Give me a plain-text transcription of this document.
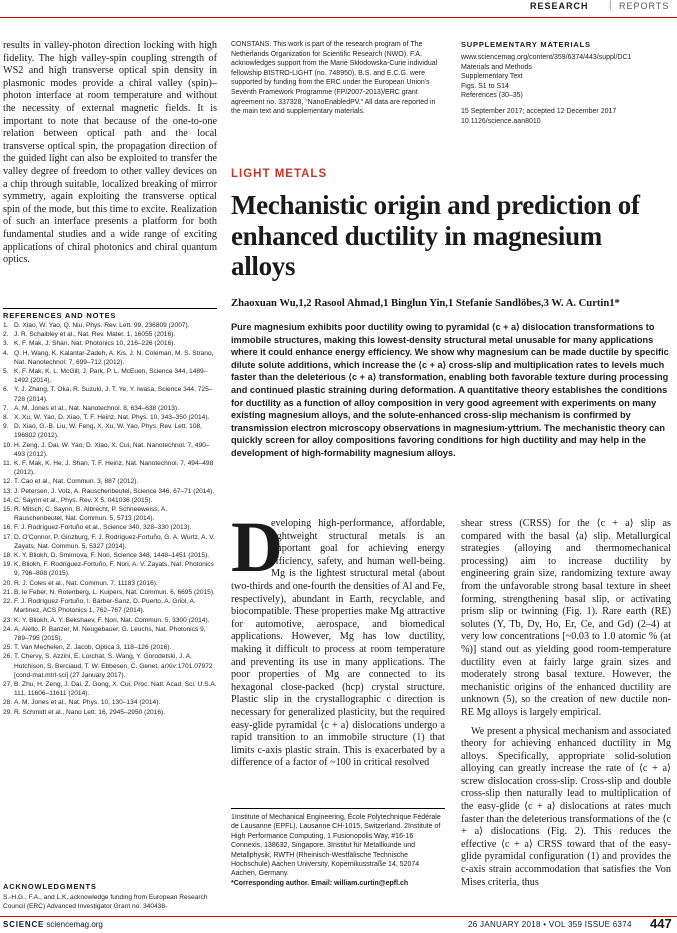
RESEARCH | REPORTS

results in valley-photon direction locking with high fidelity. The high valley-spin coupling strength of WS2 and high transverse optical spin density in plasmonic modes provide a chiral valley (spin)–photon interface at room temperature and without the necessity of external magnetic fields. It is important to note that because of the one-to-one relation between optical path and the local transverse optical spin, the propagation direction of the guided light can also be exploited to transfer the valley degree of freedom to other valley devices on a chip through suitable, localized breaking of mirror symmetry, again exploiting the transverse optical spin of the mode, but this time to excite. Realization of such an interface presents a platform for both fundamental studies and a wide range of exciting applications of chiral photonics and chiral quantum optics.

REFERENCES AND NOTES
1. D. Xiao, W. Yao, Q. Niu, Phys. Rev. Lett. 99, 236809 (2007).
2. J. R. Schaibley et al., Nat. Rev. Mater. 1, 16055 (2016).
3. K. F. Mak, J. Shan, Nat. Photonics 10, 216–226 (2016).
4. Q. H. Wang, K. Kalantar-Zadeh, A. Kis, J. N. Coleman, M. S. Strano, Nat. Nanotechnol. 7, 699–712 (2012).
5. K. F. Mak, K. L. McGill, J. Park, P. L. McEuen, Science 344, 1489–1492 (2014).
6. Y. J. Zhang, T. Oka, R. Suzuki, J. T. Ye, Y. Iwasa, Science 344, 725–728 (2014).
7. A. M. Jones et al., Nat. Nanotechnol. 8, 634–638 (2013).
8. X. Xu, W. Yao, D. Xiao, T. F. Heinz, Nat. Phys. 10, 343–350 (2014).
9. D. Xiao, G.-B. Liu, W. Feng, X. Xu, W. Yao, Phys. Rev. Lett. 108, 196802 (2012).
10. H. Zeng, J. Dai, W. Yao, D. Xiao, X. Cui, Nat. Nanotechnol. 7, 490–493 (2012).
11. K. F. Mak, K. He, J. Shan, T. F. Heinz, Nat. Nanotechnol. 7, 494–498 (2012).
12. T. Cao et al., Nat. Commun. 3, 887 (2012).
13. J. Petersen, J. Volz, A. Rauschenbeutel, Science 346, 67–71 (2014).
14. C. Sayrin et al., Phys. Rev. X 5, 041036 (2015).
15. R. Mitsch, C. Sayrin, B. Albrecht, P. Schneeweiss, A. Rauschenbeutel, Nat. Commun. 5, 5713 (2014).
16. F. J. Rodríguez-Fortuño et al., Science 340, 328–330 (2013).
17. D. O'Connor, P. Ginzburg, F. J. Rodríguez-Fortuño, G. A. Wurtz, A. V. Zayats, Nat. Commun. 5, 5327 (2014).
18. K. Y. Bliokh, D. Smirnova, F. Nori, Science 348, 1448–1451 (2015).
19. K. Bliokh, F. Rodríguez-Fortuño, F. Nori, A. V. Zayats, Nat. Photonics 9, 796–808 (2015).
20. R. J. Coles et al., Nat. Commun. 7, 11183 (2016).
21. B. le Feber, N. Rotenberg, L. Kuipers, Nat. Commun. 6, 6695 (2015).
22. F. J. Rodríguez-Fortuño, I. Barber-Sanz, D. Puerto, A. Griol, A. Martinez, ACS Photonics 1, 762–767 (2014).
23. K. Y. Bliokh, A. Y. Bekshaev, F. Nori, Nat. Commun. 5, 3300 (2014).
24. A. Aiello, P. Banzer, M. Neugebauer, G. Leuchs, Nat. Photonics 9, 789–795 (2015).
25. T. Van Mechelen, Z. Jacob, Optica 3, 118–126 (2016).
26. T. Chervy, S. Azzini, E. Lorchat, S. Wang, Y. Gorodetski, J. A. Hutchison, S. Berciaud, T. W. Ebbesen, C. Genet, arXiv:1701.07972 [cond-mat.mtrl-sci] (27 January 2017).
27. B. Zhu, H. Zeng, J. Dai, Z. Gong, X. Cui, Proc. Natl. Acad. Sci. U.S.A. 111, 11606–11611 (2014).
28. A. M. Jones et al., Nat. Phys. 10, 130–134 (2014).
29. R. Schmidt et al., Nano Lett. 16, 2945–2950 (2016).
ACKNOWLEDGMENTS
S.-H.G., F.A., and L.K. acknowledge funding from European Research Council (ERC) Advanced Investigator Grant no. 340438-
CONSTANS. This work is part of the research program of The Netherlands Organization for Scientific Research (NWO). F.A. acknowledges support from the Marie Skłodowska-Curie individual fellowship BISTRO-LIGHT (no. 748950). B.S. and E.C.G. were supported by funding from the ERC under the European Union's Seventh Framework Programme (FP/2007-2013)/ERC grant agreement no. 337328, “NanoEnabledPV.” All data are reported in the main text and supplementary materials.
SUPPLEMENTARY MATERIALS
www.sciencemag.org/content/359/6374/443/suppl/DC1
Materials and Methods
Supplementary Text
Figs. S1 to S14
References (30–35)
15 September 2017; accepted 12 December 2017
10.1126/science.aan8010
LIGHT METALS
Mechanistic origin and prediction of enhanced ductility in magnesium alloys
Zhaoxuan Wu,1,2 Rasool Ahmad,1 Binglun Yin,1 Stefanie Sandlöbes,3 W. A. Curtin1*
Pure magnesium exhibits poor ductility owing to pyramidal ⟨c + a⟩ dislocation transformations to immobile structures, making this lowest-density structural metal unusable for many applications where it could enhance energy efficiency. We show why magnesium can be made ductile by specific dilute solute additions, which increase the ⟨c + a⟩ cross-slip and multiplication rates to levels much faster than the deleterious ⟨c + a⟩ transformation, enabling both favorable texture during processing and continued plastic straining during deformation. A quantitative theory establishes the conditions for ductility as a function of alloy composition in very good agreement with experiments on many existing magnesium alloys, and the solute-enhanced cross-slip mechanism is confirmed by transmission electron microscopy observations in magnesium-yttrium. The mechanistic theory can quickly screen for alloy compositions favoring conditions for high ductility and may help in the development of high-formability magnesium alloys.

D
eveloping high-performance, affordable, lightweight structural metals is an important goal for achieving energy efficiency, safety, and human well-being. Mg is the lightest structural metal (about two-thirds and one-fourth the densities of Al and Fe, respectively), abundant in Earth, recyclable, and biocompatible. These properties make Mg attractive for automotive, aerospace, and biomedical applications. However, Mg has low ductility, making it difficult to process at room temperature and preventing its use in many applications. The poor properties of Mg are connected to its hexagonal close-packed (hcp) crystal structure. Plastic slip in the crystallographic c direction is necessary for generalized plasticity, but the required easy-glide pyramidal ⟨c + a⟩ dislocations undergo a rapid transition to an immobile structure (1) that limits c-axis plastic strain. This is exacerbated by a difference of a factor of ~100 in critical resolved

shear stress (CRSS) for the ⟨c + a⟩ slip as compared with the basal ⟨a⟩ slip. Metallurgical strategies (alloying and thermomechanical processing) aim to increase ductility by engineering grain size, randomizing texture away from the unfavorable strong basal texture in sheet forming, strengthening basal slip, or activating prism slip or twinning (Fig. 1). Rare earth (RE) solutes (Y, Tb, Dy, Ho, Er, Ce, and Gd) (2–4) at very low concentrations [~0.03 to 1.0 atomic % (at %)] stand out as yielding good room-temperature ductility even at fairly large grain sizes and moderately strong basal texture. However, the mechanistic origins of the enhanced ductility are unknown (5), so the creation of new ductile non-RE Mg alloys is largely empirical.

We present a physical mechanism and associated theory for achieving enhanced ductility in Mg alloys. Specifically, appropriate solid-solution alloying can greatly increase the rate of ⟨c + a⟩ screw dislocation cross-slip. Cross-slip and double cross-slip then naturally lead to multiplication of the easy-glide ⟨c + a⟩ dislocations at rates much faster than the deleterious transformations of the ⟨c + a⟩ dislocations (Fig. 2). This reduces the effective ⟨c + a⟩ CRSS toward that of the easy-glide pyramidal configuration (1) and provides the c-axis strain accommodation that satisfies the Von Mises criteria, thus

1Institute of Mechanical Engineering, École Polytechnique Fédérale de Lausanne (EPFL), Lausanne CH-1015, Switzerland. 2Institute of High Performance Computing, 1 Fusionopolis Way, #16-16 Connexis, 138632, Singapore. 3Institut für Metallkunde und Metallphysik, RWTH (Rheinisch-Westfälische Technische Hochschule) Aachen University, Kopernikusstraße 14, 52074 Aachen, Germany.
*Corresponding author. Email: william.curtin@epfl.ch
SCIENCE sciencemag.org	26 JANUARY 2018 • VOL 359 ISSUE 6374 447
